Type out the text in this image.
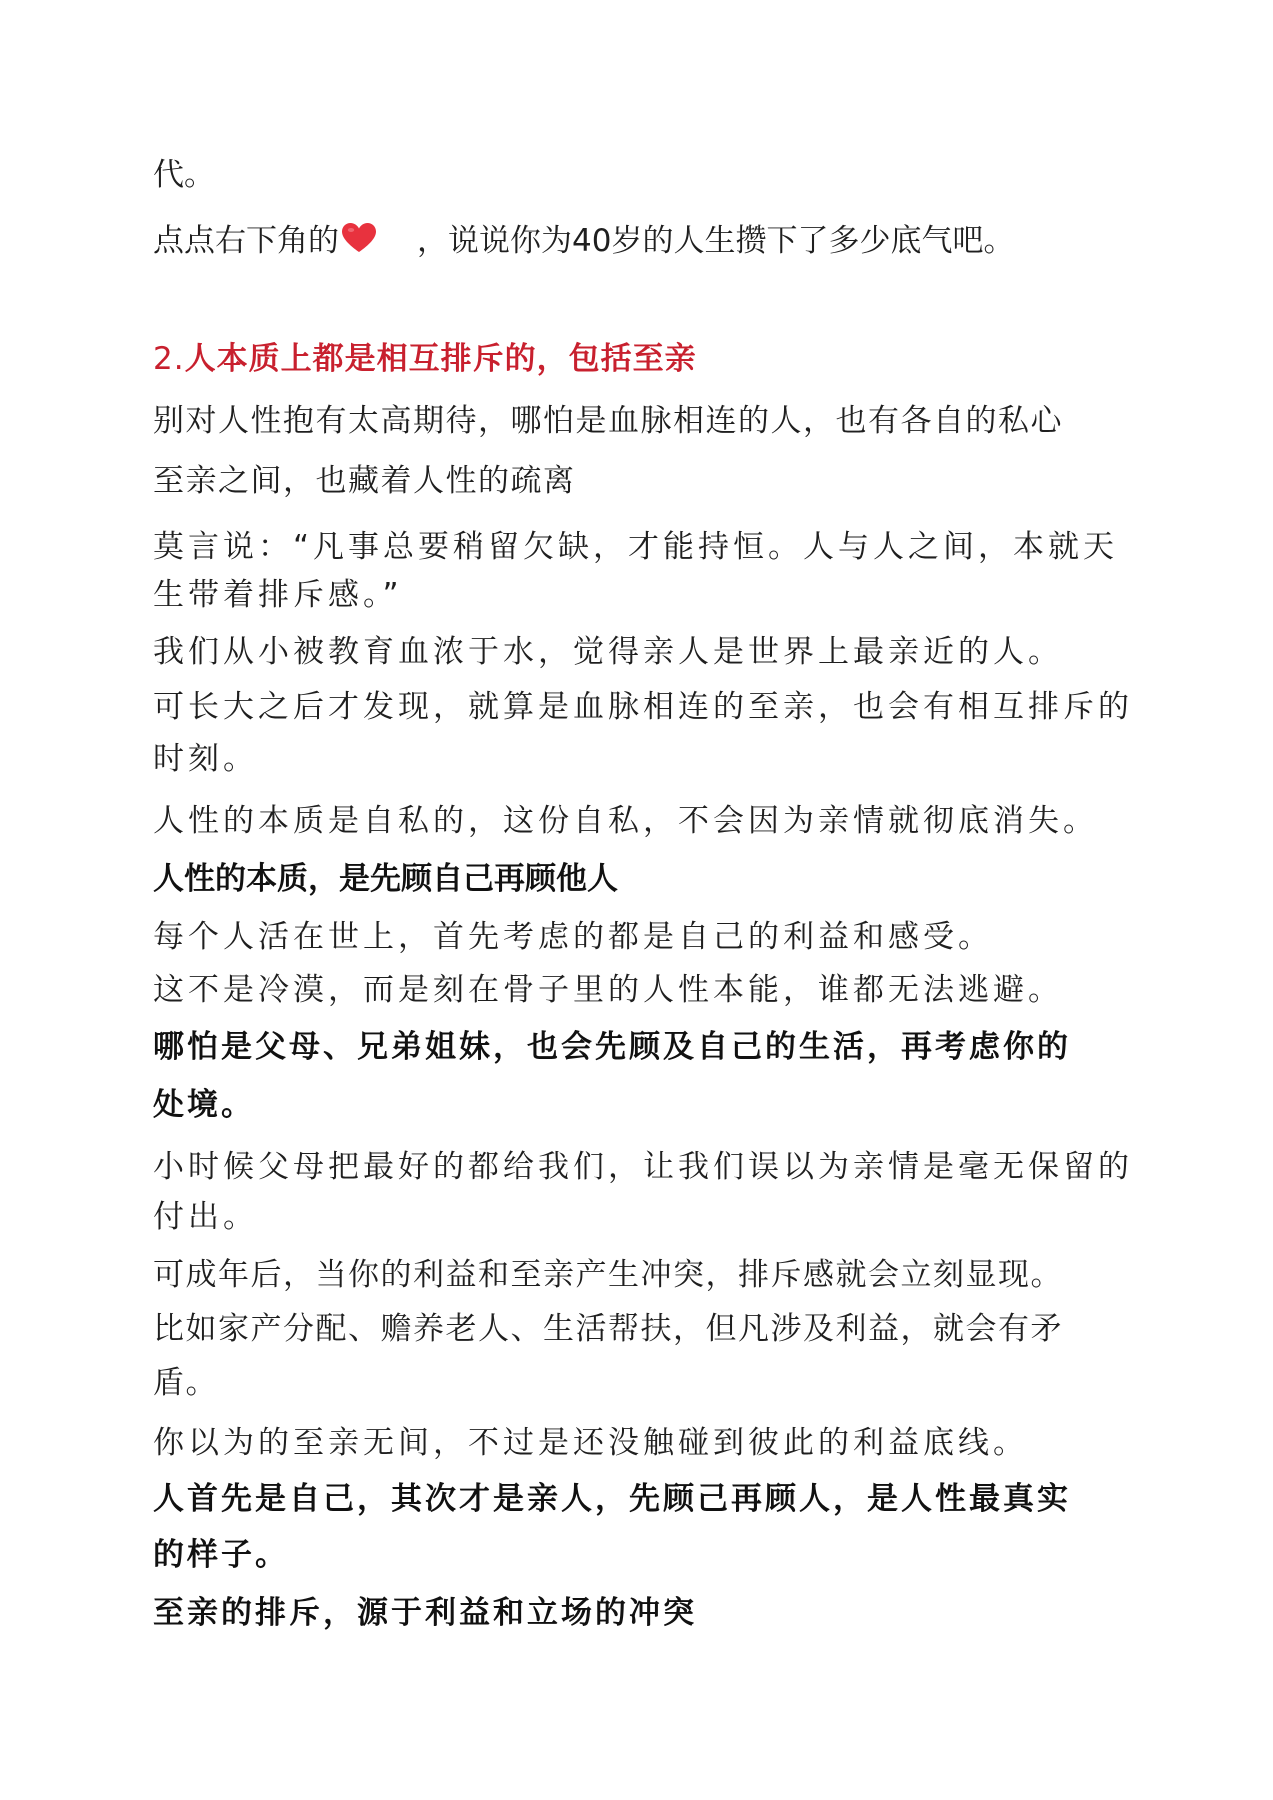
代。
点点右下角的	，说说你为40岁的人生攒下了多少底气吧。
2.人本质上都是相互排斥的，包括至亲
别对人性抱有太高期待，哪怕是血脉相连的人，也有各自的私心
至亲之间，也藏着人性的疏离
莫言说：“凡事总要稍留欠缺，才能持恒。人与人之间，本就天
生带着排斥感。”
我们从小被教育血浓于水，觉得亲人是世界上最亲近的人。
可长大之后才发现，就算是血脉相连的至亲，也会有相互排斥的
时刻。
人性的本质是自私的，这份自私，不会因为亲情就彻底消失。
人性的本质，是先顾自己再顾他人
每个人活在世上，首先考虑的都是自己的利益和感受。
这不是冷漠，而是刻在骨子里的人性本能，谁都无法逃避。
哪怕是父母、兄弟姐妹，也会先顾及自己的生活，再考虑你的
处境。
小时候父母把最好的都给我们，让我们误以为亲情是毫无保留的
付出。
可成年后，当你的利益和至亲产生冲突，排斥感就会立刻显现。
比如家产分配、赡养老人、生活帮扶，但凡涉及利益，就会有矛
盾。
你以为的至亲无间，不过是还没触碰到彼此的利益底线。
人首先是自己，其次才是亲人，先顾己再顾人，是人性最真实
的样子。
至亲的排斥，源于利益和立场的冲突
